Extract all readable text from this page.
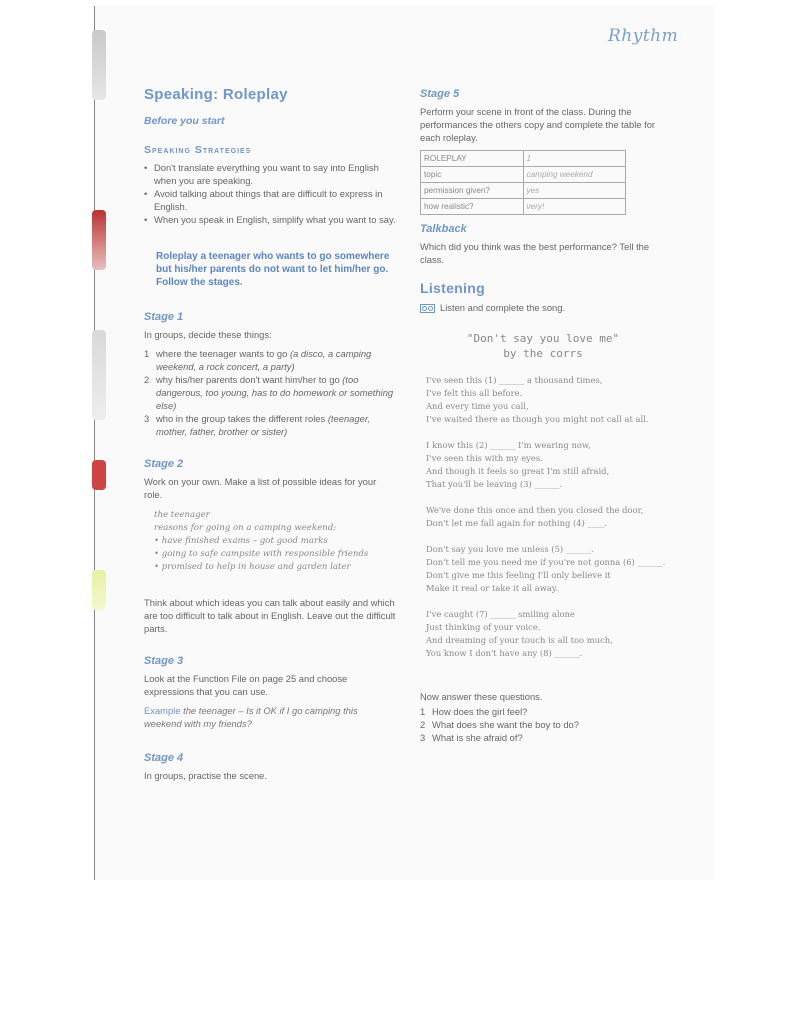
Rhythm
Speaking: Roleplay
Before you start
Speaking Strategies
• Don't translate everything you want to say into English when you are speaking.
• Avoid talking about things that are difficult to express in English.
• When you speak in English, simplify what you want to say.
Roleplay a teenager who wants to go somewhere but his/her parents do not want to let him/her go. Follow the stages.
Stage 1
In groups, decide these things:
1 where the teenager wants to go (a disco, a camping weekend, a rock concert, a party)
2 why his/her parents don't want him/her to go (too dangerous, too young, has to do homework or something else)
3 who in the group takes the different roles (teenager, mother, father, brother or sister)
Stage 2
Work on your own. Make a list of possible ideas for your role.
the teenager
reasons for going on a camping weekend:
• have finished exams – got good marks
• going to safe campsite with responsible friends
• promised to help in house and garden later
Think about which ideas you can talk about easily and which are too difficult to talk about in English. Leave out the difficult parts.
Stage 3
Look at the Function File on page 25 and choose expressions that you can use.
Example the teenager – Is it OK if I go camping this weekend with my friends?
Stage 4
In groups, practise the scene.
Stage 5
Perform your scene in front of the class. During the performances the others copy and complete the table for each roleplay.
ROLEPLAY	1
topic	camping weekend
permission given?	yes
how realistic?	very!
Talkback
Which did you think was the best performance? Tell the class.
Listening
Listen and complete the song.
"Don't say you love me"
by the corrs
I've seen this (1) ______ a thousand times,
I've felt this all before.
And every time you call,
I've waited there as though you might not call at all.
I know this (2) ______ I'm wearing now,
I've seen this with my eyes.
And though it feels so great I'm still afraid,
That you'll be leaving (3) ______.
We've done this once and then you closed the door,
Don't let me fall again for nothing (4) ____.
Don't say you love me unless (5) ______.
Don't tell me you need me if you're not gonna (6) ______.
Don't give me this feeling I'll only believe it
Make it real or take it all away.
I've caught (7) ______ smiling alone
Just thinking of your voice.
And dreaming of your touch is all too much,
You know I don't have any (8) ______.
Now answer these questions.
1 How does the girl feel?
2 What does she want the boy to do?
3 What is she afraid of?
